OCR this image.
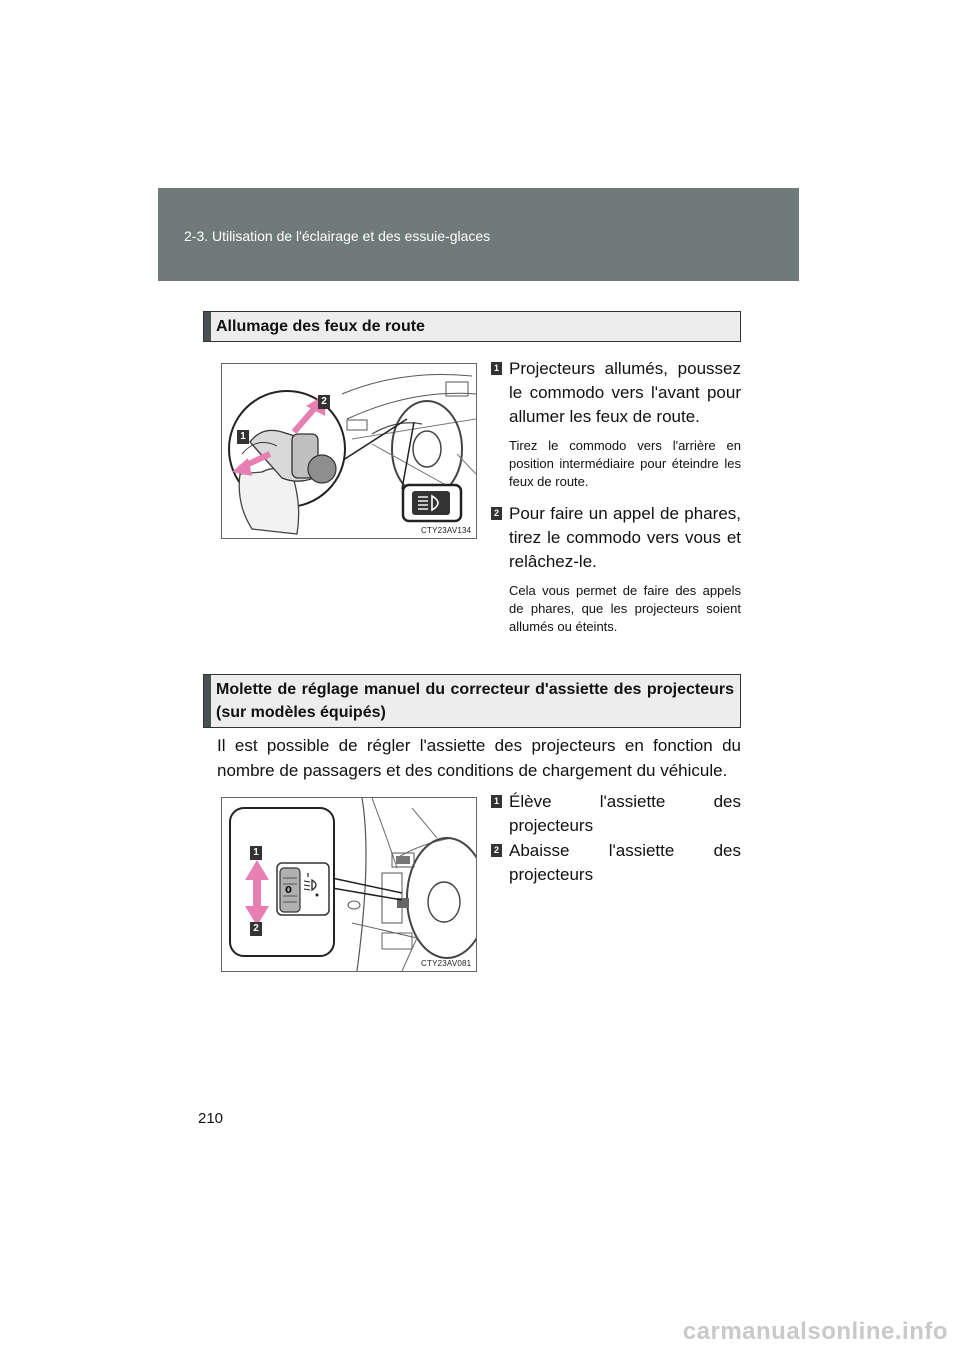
2-3. Utilisation de l'éclairage et des essuie-glaces
Allumage des feux de route
1
2
CTY23AV134
1 Projecteurs allumés, poussez le commodo vers l'avant pour allumer les feux de route.
Tirez le commodo vers l'arrière en position intermédiaire pour éteindre les feux de route.
2 Pour faire un appel de phares, tirez le commodo vers vous et relâchez-le.
Cela vous permet de faire des appels de phares, que les projecteurs soient allumés ou éteints.
Molette de réglage manuel du correcteur d'assiette des projecteurs (sur modèles équipés)
Il est possible de régler l'assiette des projecteurs en fonction du nombre de passagers et des conditions de chargement du véhicule.
0
1
2
CTY23AV081
1 Élève l'assiette des projecteurs
2 Abaisse l'assiette des projecteurs
210
carmanualsonline.info
